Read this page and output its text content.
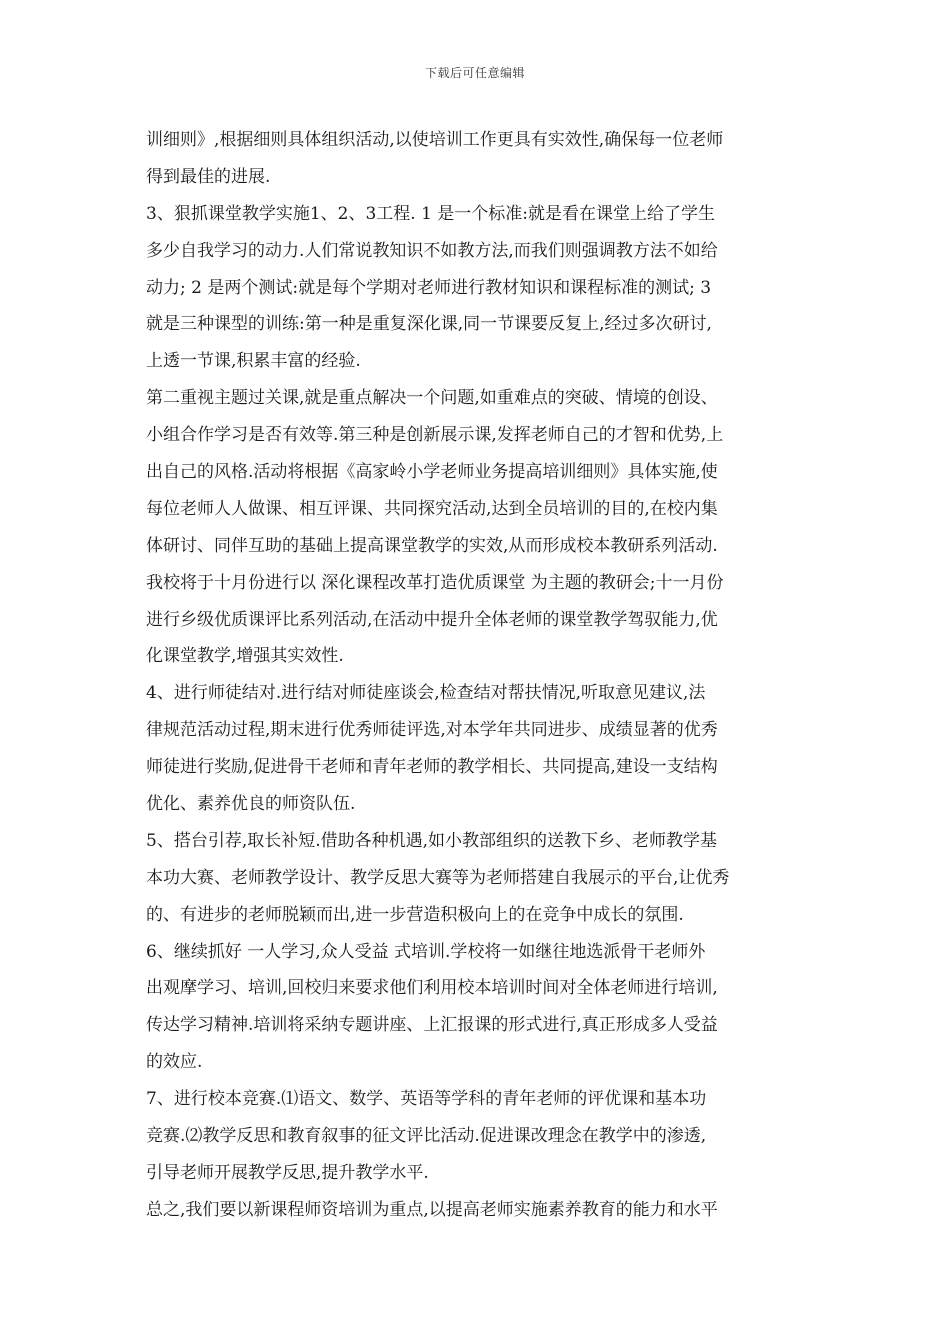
下载后可任意编辑
训细则》,根据细则具体组织活动,以使培训工作更具有实效性,确保每一位老师
得到最佳的进展.
3、狠抓课堂教学实施1、2、3工程. 1 是一个标准:就是看在课堂上给了学生
多少自我学习的动力.人们常说教知识不如教方法,而我们则强调教方法不如给
动力; 2 是两个测试:就是每个学期对老师进行教材知识和课程标准的测试; 3
就是三种课型的训练:第一种是重复深化课,同一节课要反复上,经过多次研讨,
上透一节课,积累丰富的经验.
第二重视主题过关课,就是重点解决一个问题,如重难点的突破、情境的创设、
小组合作学习是否有效等.第三种是创新展示课,发挥老师自己的才智和优势,上
出自己的风格.活动将根据《高家岭小学老师业务提高培训细则》具体实施,使
每位老师人人做课、相互评课、共同探究活动,达到全员培训的目的,在校内集
体研讨、同伴互助的基础上提高课堂教学的实效,从而形成校本教研系列活动.
我校将于十月份进行以 深化课程改革打造优质课堂 为主题的教研会;十一月份
进行乡级优质课评比系列活动,在活动中提升全体老师的课堂教学驾驭能力,优
化课堂教学,增强其实效性.
4、进行师徒结对.进行结对师徒座谈会,检查结对帮扶情况,听取意见建议,法
律规范活动过程,期末进行优秀师徒评选,对本学年共同进步、成绩显著的优秀
师徒进行奖励,促进骨干老师和青年老师的教学相长、共同提高,建设一支结构
优化、素养优良的师资队伍.
5、搭台引荐,取长补短.借助各种机遇,如小教部组织的送教下乡、老师教学基
本功大赛、老师教学设计、教学反思大赛等为老师搭建自我展示的平台,让优秀
的、有进步的老师脱颖而出,进一步营造积极向上的在竞争中成长的氛围.
6、继续抓好 一人学习,众人受益 式培训.学校将一如继往地选派骨干老师外
出观摩学习、培训,回校归来要求他们利用校本培训时间对全体老师进行培训,
传达学习精神.培训将采纳专题讲座、上汇报课的形式进行,真正形成多人受益
的效应.
7、进行校本竞赛.⑴语文、数学、英语等学科的青年老师的评优课和基本功
竞赛.⑵教学反思和教育叙事的征文评比活动.促进课改理念在教学中的渗透,
引导老师开展教学反思,提升教学水平.
总之,我们要以新课程师资培训为重点,以提高老师实施素养教育的能力和水平
